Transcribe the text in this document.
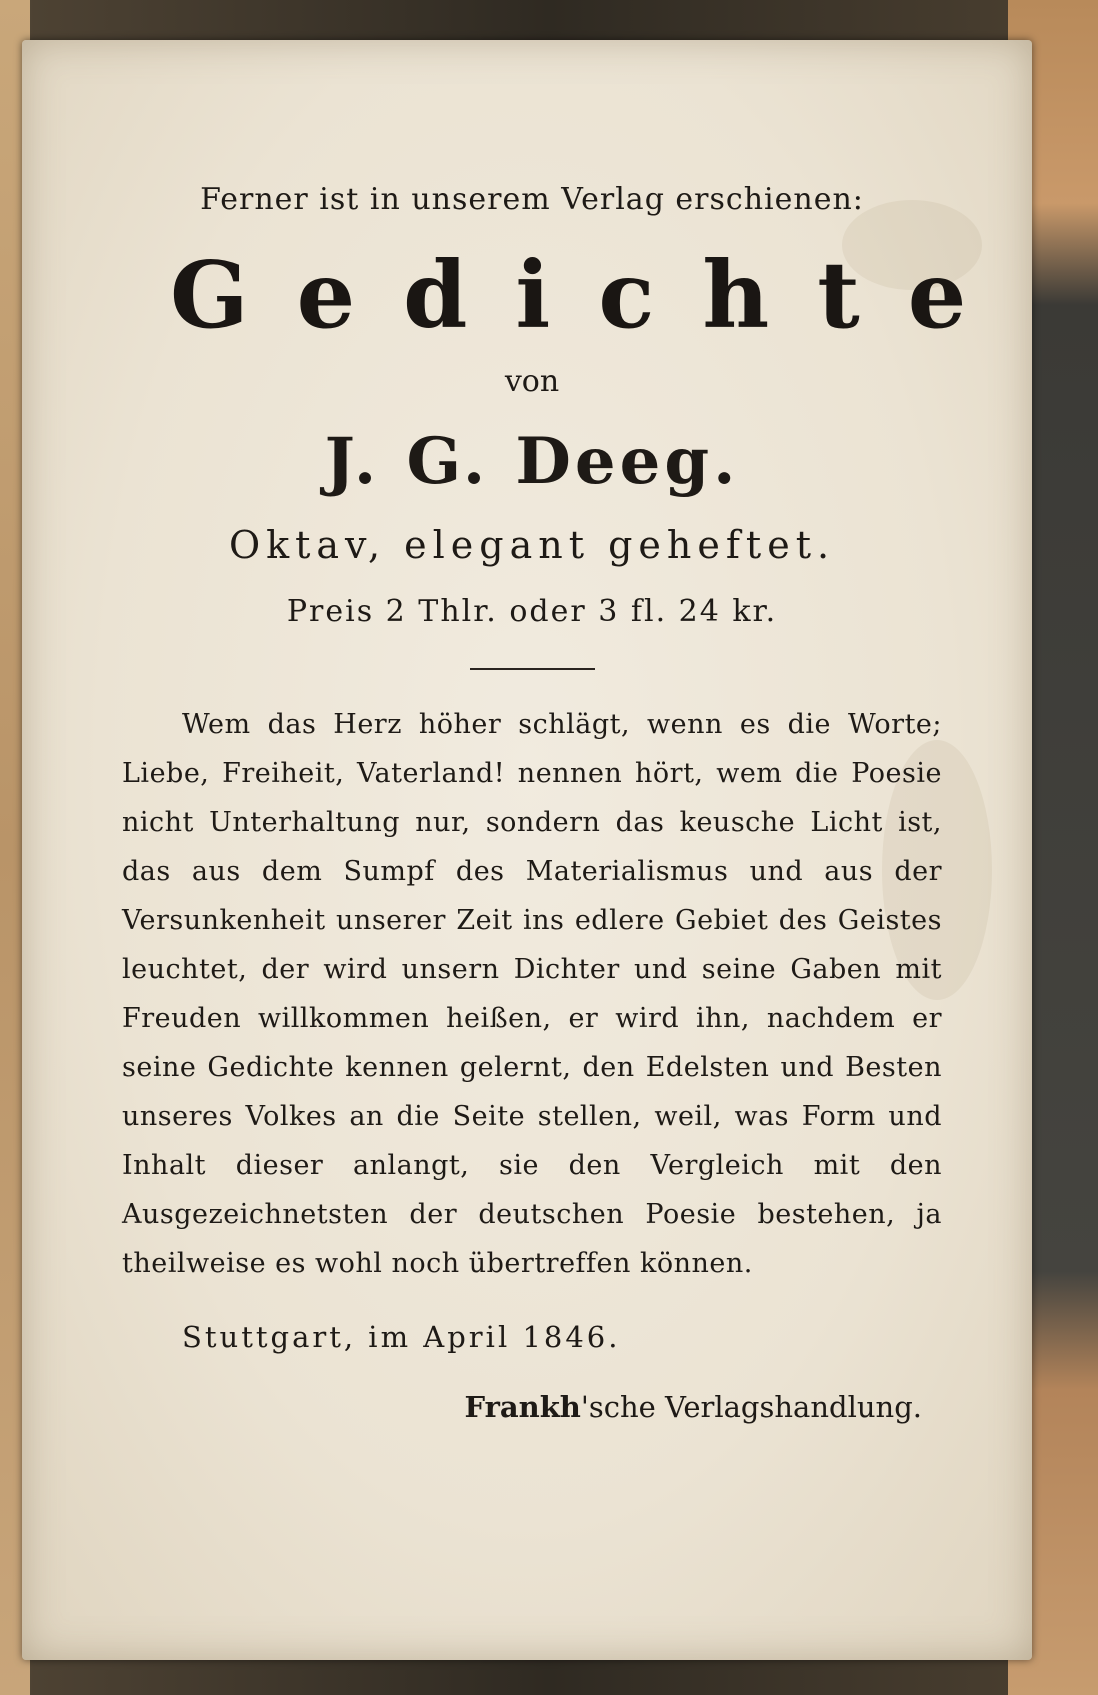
Ferner ist in unserem Verlag erschienen:

Gedichte

von

J. G. Deeg.

Oktav, elegant geheftet.

Preis 2 Thlr. oder 3 fl. 24 kr.

Wem das Herz höher schlägt, wenn es die Worte; Liebe, Freiheit, Vaterland! nennen hört, wem die Poesie nicht Unterhaltung nur, sondern das keusche Licht ist, das aus dem Sumpf des Materialismus und aus der Versunkenheit unserer Zeit ins edlere Gebiet des Geistes leuchtet, der wird unsern Dichter und seine Gaben mit Freuden willkommen heißen, er wird ihn, nachdem er seine Gedichte kennen gelernt, den Edelsten und Besten unseres Volkes an die Seite stellen, weil, was Form und Inhalt dieser anlangt, sie den Vergleich mit den Ausgezeichnetsten der deutschen Poesie bestehen, ja theilweise es wohl noch übertreffen können.

Stuttgart, im April 1846.

Frankh'sche Verlagshandlung.
